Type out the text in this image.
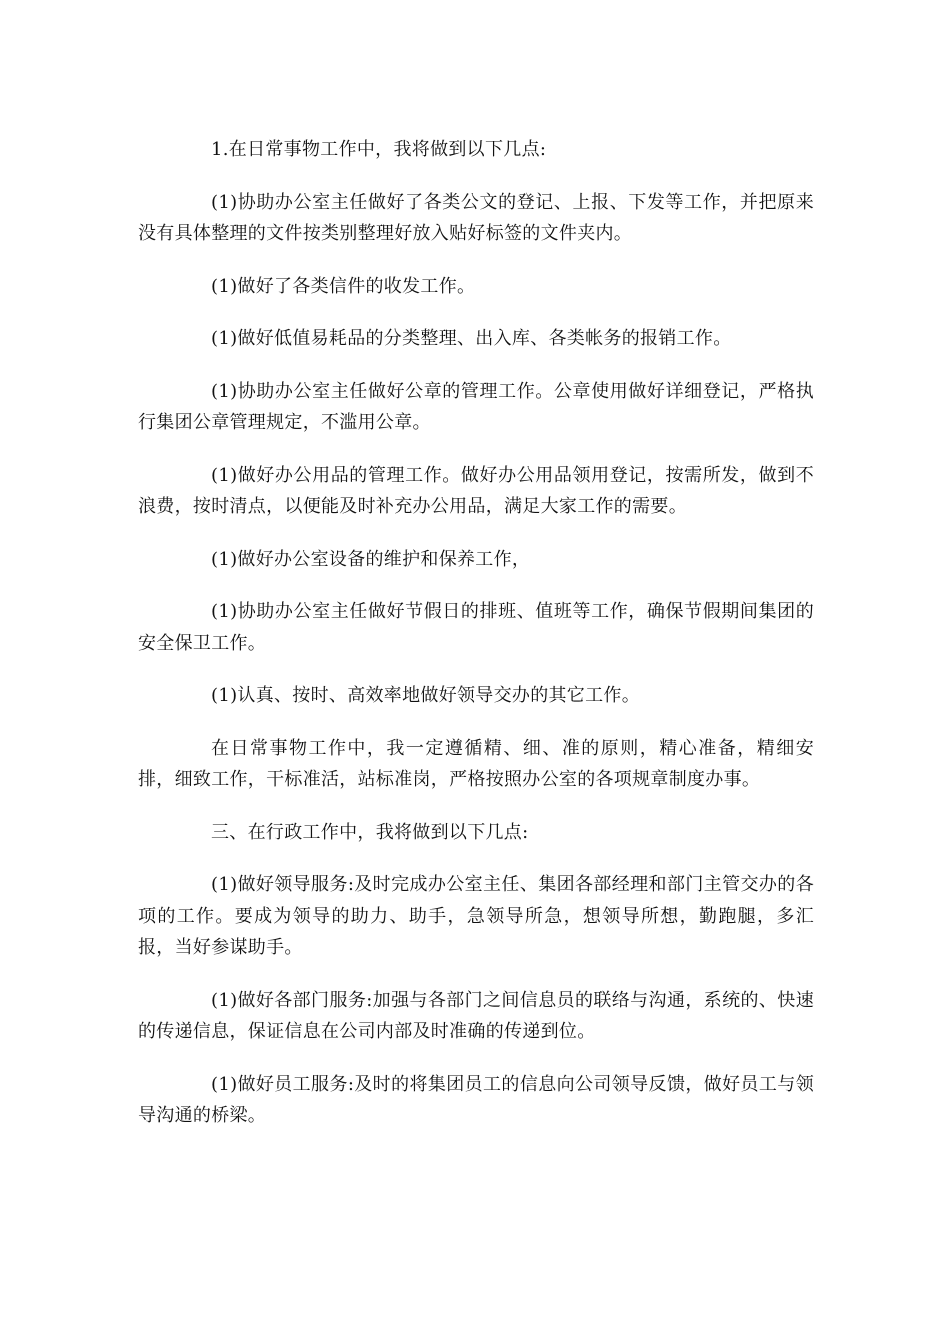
1.在日常事物工作中，我将做到以下几点:

(1)协助办公室主任做好了各类公文的登记、上报、下发等工作，并把原来没有具体整理的文件按类别整理好放入贴好标签的文件夹内。

(1)做好了各类信件的收发工作。

(1)做好低值易耗品的分类整理、出入库、各类帐务的报销工作。

(1)协助办公室主任做好公章的管理工作。公章使用做好详细登记，严格执行集团公章管理规定，不滥用公章。

(1)做好办公用品的管理工作。做好办公用品领用登记，按需所发，做到不浪费，按时清点，以便能及时补充办公用品，满足大家工作的需要。

(1)做好办公室设备的维护和保养工作，

(1)协助办公室主任做好节假日的排班、值班等工作，确保节假期间集团的安全保卫工作。

(1)认真、按时、高效率地做好领导交办的其它工作。

在日常事物工作中，我一定遵循精、细、准的原则，精心准备，精细安排，细致工作，干标准活，站标准岗，严格按照办公室的各项规章制度办事。

三、在行政工作中，我将做到以下几点:

(1)做好领导服务:及时完成办公室主任、集团各部经理和部门主管交办的各项的工作。要成为领导的助力、助手，急领导所急，想领导所想，勤跑腿，多汇报，当好参谋助手。

(1)做好各部门服务:加强与各部门之间信息员的联络与沟通，系统的、快速的传递信息，保证信息在公司内部及时准确的传递到位。

(1)做好员工服务:及时的将集团员工的信息向公司领导反馈，做好员工与领导沟通的桥梁。
